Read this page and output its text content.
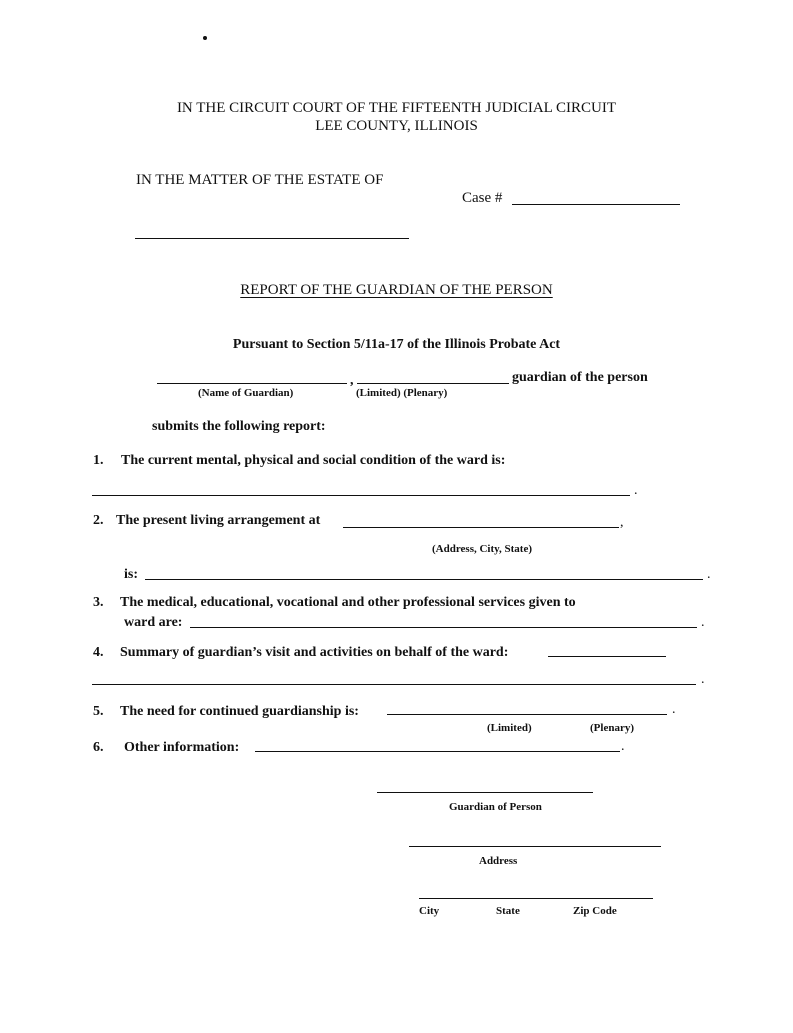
IN THE CIRCUIT COURT OF THE FIFTEENTH JUDICIAL CIRCUIT
LEE COUNTY, ILLINOIS
IN THE MATTER OF THE ESTATE OF
Case #
REPORT OF THE GUARDIAN OF THE PERSON
Pursuant to Section 5/11a-17 of the Illinois Probate Act
,	guardian of the person
(Name of Guardian)	(Limited) (Plenary)
submits the following report:
1. The current mental, physical and social condition of the ward is:
.
2. The present living arrangement at	,
(Address, City, State)
is:	.
3. The medical, educational, vocational and other professional services given to
ward are:	.
4. Summary of guardian’s visit and activities on behalf of the ward:
.
5. The need for continued guardianship is:	.
(Limited)	(Plenary)
6. Other information:	.
Guardian of Person
Address
City	State	Zip Code
